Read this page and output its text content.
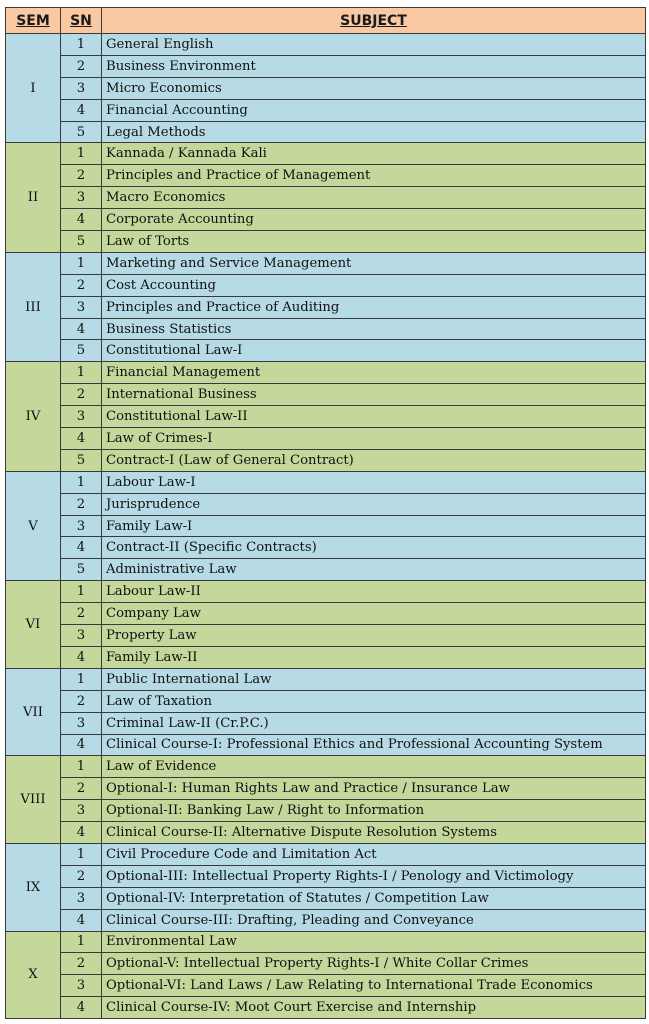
SEM	SN	SUBJECT
I	1	General English
	2	Business Environment
	3	Micro Economics
	4	Financial Accounting
	5	Legal Methods
II	1	Kannada / Kannada Kali
	2	Principles and Practice of Management
	3	Macro Economics
	4	Corporate Accounting
	5	Law of Torts
III	1	Marketing and Service Management
	2	Cost Accounting
	3	Principles and Practice of Auditing
	4	Business Statistics
	5	Constitutional Law-I
IV	1	Financial Management
	2	International Business
	3	Constitutional Law-II
	4	Law of Crimes-I
	5	Contract-I (Law of General Contract)
V	1	Labour Law-I
	2	Jurisprudence
	3	Family Law-I
	4	Contract-II (Specific Contracts)
	5	Administrative Law
VI	1	Labour Law-II
	2	Company Law
	3	Property Law
	4	Family Law-II
VII	1	Public International Law
	2	Law of Taxation
	3	Criminal Law-II (Cr.P.C.)
	4	Clinical Course-I: Professional Ethics and Professional Accounting System
VIII	1	Law of Evidence
	2	Optional-I: Human Rights Law and Practice / Insurance Law
	3	Optional-II: Banking Law / Right to Information
	4	Clinical Course-II: Alternative Dispute Resolution Systems
IX	1	Civil Procedure Code and Limitation Act
	2	Optional-III: Intellectual Property Rights-I / Penology and Victimology
	3	Optional-IV: Interpretation of Statutes / Competition Law
	4	Clinical Course-III: Drafting, Pleading and Conveyance
X	1	Environmental Law
	2	Optional-V: Intellectual Property Rights-I / White Collar Crimes
	3	Optional-VI: Land Laws / Law Relating to International Trade Economics
	4	Clinical Course-IV: Moot Court Exercise and Internship
